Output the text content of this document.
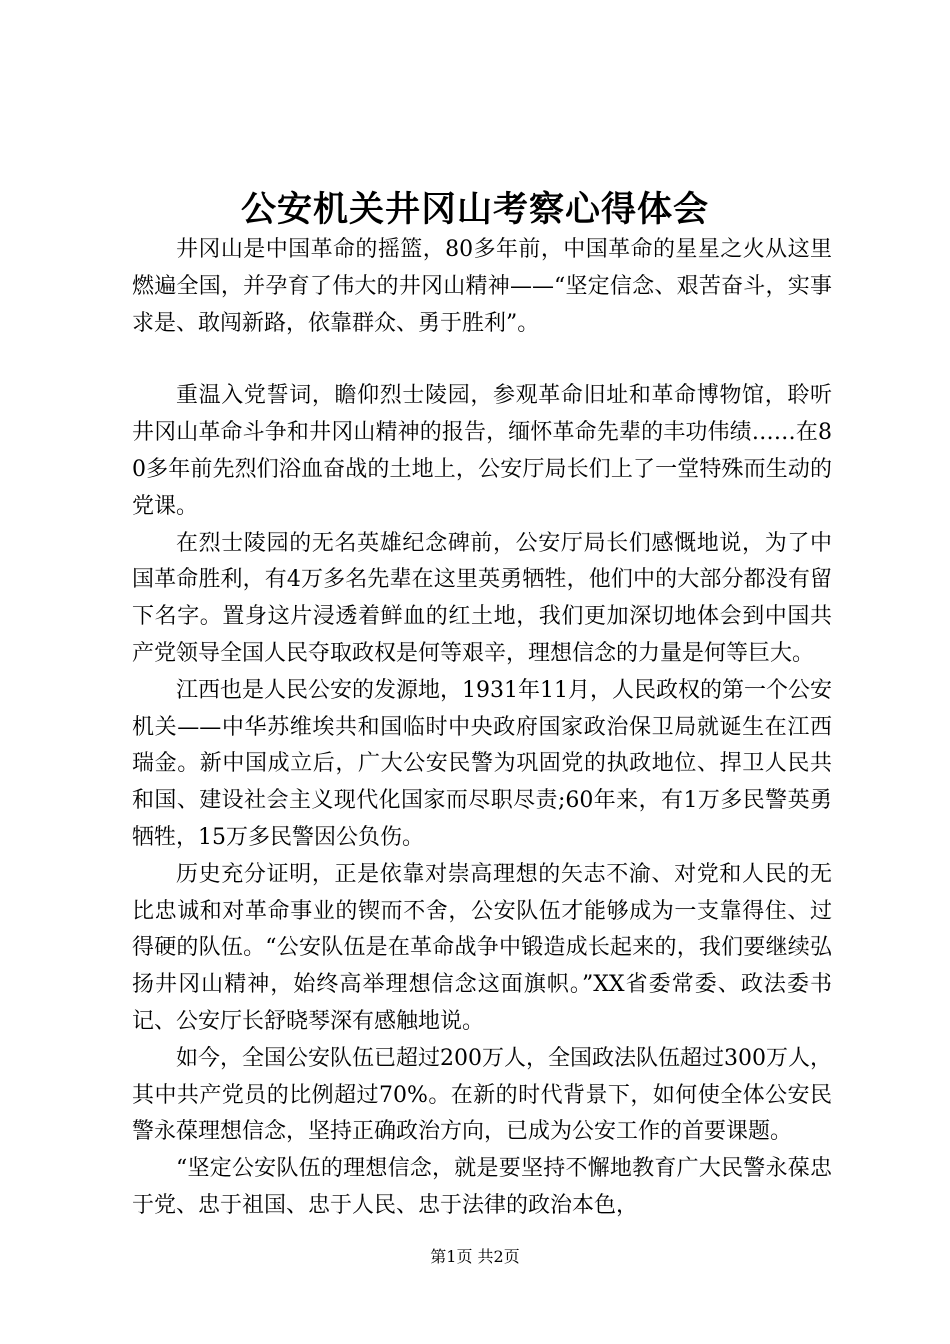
公安机关井冈山考察心得体会

井冈山是中国革命的摇篮，80多年前，中国革命的星星之火从这里燃遍全国，并孕育了伟大的井冈山精神——“坚定信念、艰苦奋斗，实事求是、敢闯新路，依靠群众、勇于胜利”。

重温入党誓词，瞻仰烈士陵园，参观革命旧址和革命博物馆，聆听井冈山革命斗争和井冈山精神的报告，缅怀革命先辈的丰功伟绩……在80多年前先烈们浴血奋战的土地上，公安厅局长们上了一堂特殊而生动的党课。

在烈士陵园的无名英雄纪念碑前，公安厅局长们感慨地说，为了中国革命胜利，有4万多名先辈在这里英勇牺牲，他们中的大部分都没有留下名字。置身这片浸透着鲜血的红土地，我们更加深切地体会到中国共产党领导全国人民夺取政权是何等艰辛，理想信念的力量是何等巨大。

江西也是人民公安的发源地，1931年11月，人民政权的第一个公安机关——中华苏维埃共和国临时中央政府国家政治保卫局就诞生在江西瑞金。新中国成立后，广大公安民警为巩固党的执政地位、捍卫人民共和国、建设社会主义现代化国家而尽职尽责;60年来，有1万多民警英勇牺牲，15万多民警因公负伤。

历史充分证明，正是依靠对崇高理想的矢志不渝、对党和人民的无比忠诚和对革命事业的锲而不舍，公安队伍才能够成为一支靠得住、过得硬的队伍。“公安队伍是在革命战争中锻造成长起来的，我们要继续弘扬井冈山精神，始终高举理想信念这面旗帜。”XX省委常委、政法委书记、公安厅长舒晓琴深有感触地说。

如今，全国公安队伍已超过200万人，全国政法队伍超过300万人，其中共产党员的比例超过70%。在新的时代背景下，如何使全体公安民警永葆理想信念，坚持正确政治方向，已成为公安工作的首要课题。

“坚定公安队伍的理想信念，就是要坚持不懈地教育广大民警永葆忠于党、忠于祖国、忠于人民、忠于法律的政治本色，

第1页 共2页
